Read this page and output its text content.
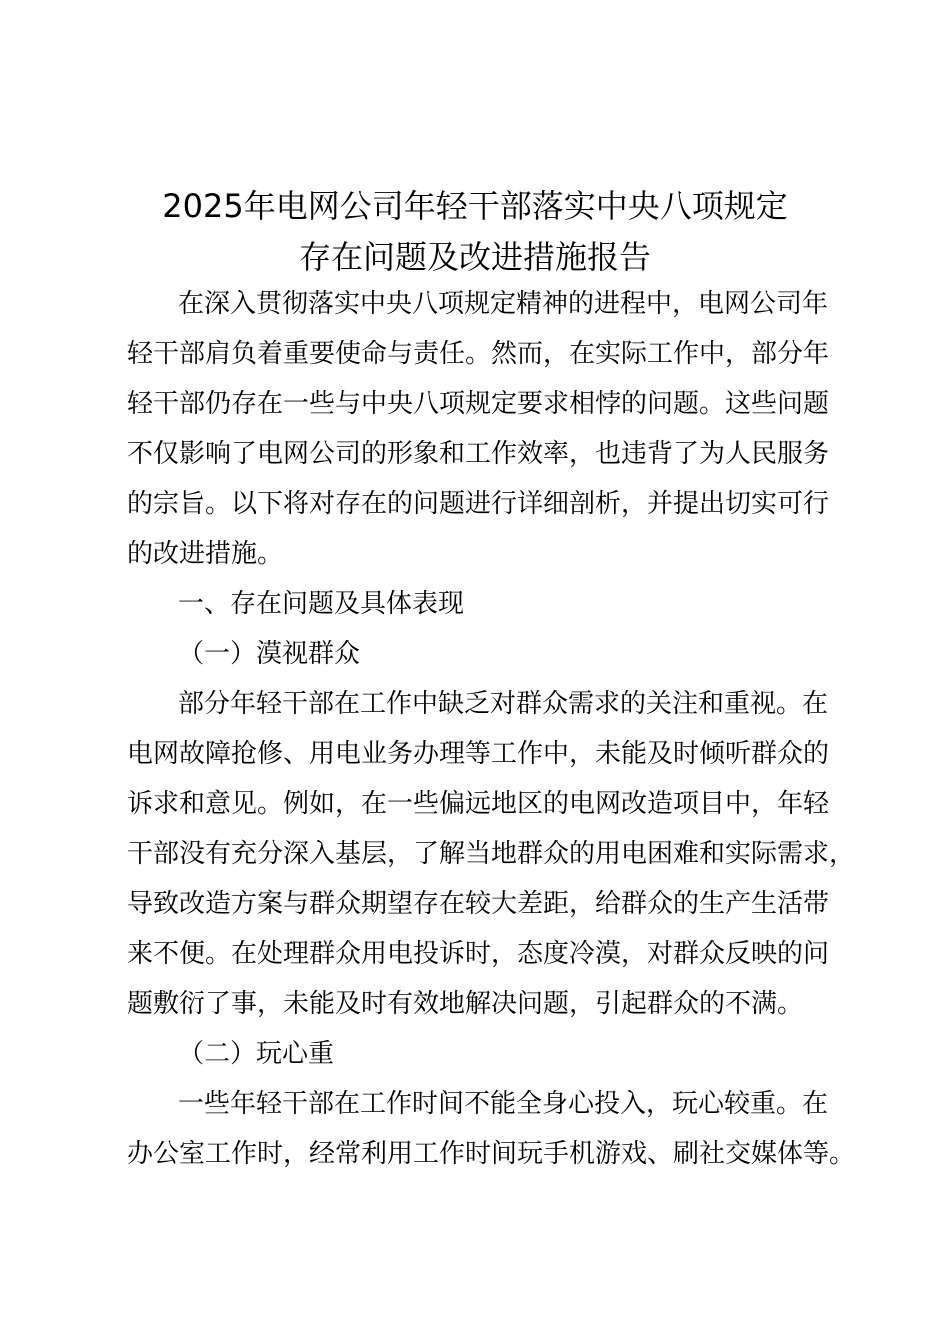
2025年电网公司年轻干部落实中央八项规定
存在问题及改进措施报告
在深入贯彻落实中央八项规定精神的进程中，电网公司年
轻干部肩负着重要使命与责任。然而，在实际工作中，部分年
轻干部仍存在一些与中央八项规定要求相悖的问题。这些问题
不仅影响了电网公司的形象和工作效率，也违背了为人民服务
的宗旨。以下将对存在的问题进行详细剖析，并提出切实可行
的改进措施。
一、存在问题及具体表现
（一）漠视群众
部分年轻干部在工作中缺乏对群众需求的关注和重视。在
电网故障抢修、用电业务办理等工作中，未能及时倾听群众的
诉求和意见。例如，在一些偏远地区的电网改造项目中，年轻
干部没有充分深入基层，了解当地群众的用电困难和实际需求，
导致改造方案与群众期望存在较大差距，给群众的生产生活带
来不便。在处理群众用电投诉时，态度冷漠，对群众反映的问
题敷衍了事，未能及时有效地解决问题，引起群众的不满。
（二）玩心重
一些年轻干部在工作时间不能全身心投入，玩心较重。在
办公室工作时，经常利用工作时间玩手机游戏、刷社交媒体等。
